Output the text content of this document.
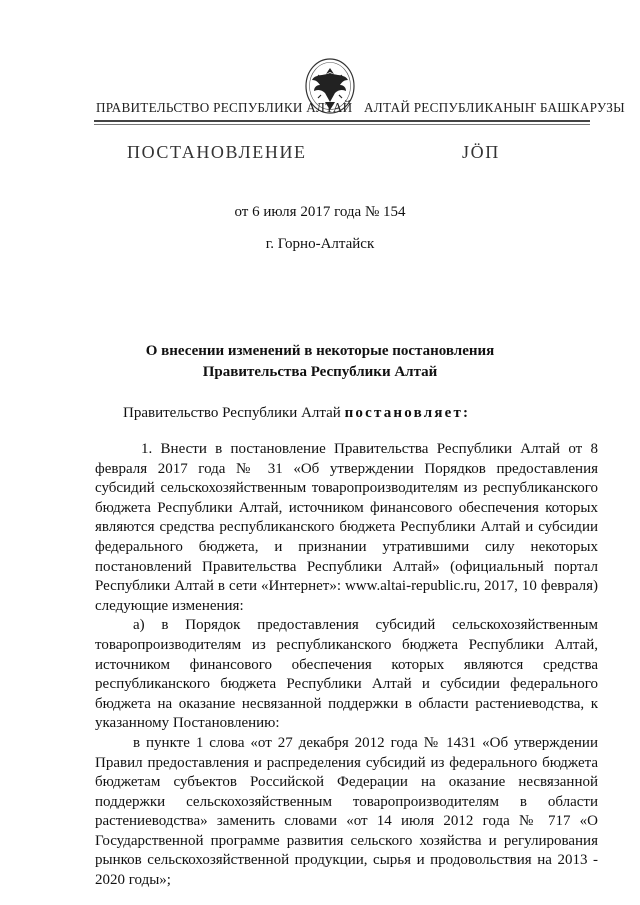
ПРАВИТЕЛЬСТВО РЕСПУБЛИКИ АЛТАЙ АЛТАЙ РЕСПУБЛИКАНЫҤ БАШКАРУЗЫ
ПОСТАНОВЛЕНИЕ	JÖП
от 6 июля 2017 года № 154
г. Горно-Алтайск
О внесении изменений в некоторые постановления
Правительства Республики Алтай
Правительство Республики Алтай постановляет:

1. Внести в постановление Правительства Республики Алтай от 8 февраля 2017 года № 31 «Об утверждении Порядков предоставления субсидий сельскохозяйственным товаропроизводителям из республиканского бюджета Республики Алтай, источником финансового обеспечения которых являются средства республиканского бюджета Республики Алтай и субсидии федерального бюджета, и признании утратившими силу некоторых постановлений Правительства Республики Алтай» (официальный портал Республики Алтай в сети «Интернет»: www.altai-republic.ru, 2017, 10 февраля) следующие изменения:

а) в Порядок предоставления субсидий сельскохозяйственным товаропроизводителям из республиканского бюджета Республики Алтай, источником финансового обеспечения которых являются средства республиканского бюджета Республики Алтай и субсидии федерального бюджета на оказание несвязанной поддержки в области растениеводства, к указанному Постановлению:

в пункте 1 слова «от 27 декабря 2012 года № 1431 «Об утверждении Правил предоставления и распределения субсидий из федерального бюджета бюджетам субъектов Российской Федерации на оказание несвязанной поддержки сельскохозяйственным товаропроизводителям в области растениеводства» заменить словами «от 14 июля 2012 года № 717 «О Государственной программе развития сельского хозяйства и регулирования рынков сельскохозяйственной продукции, сырья и продовольствия на 2013 - 2020 годы»;
